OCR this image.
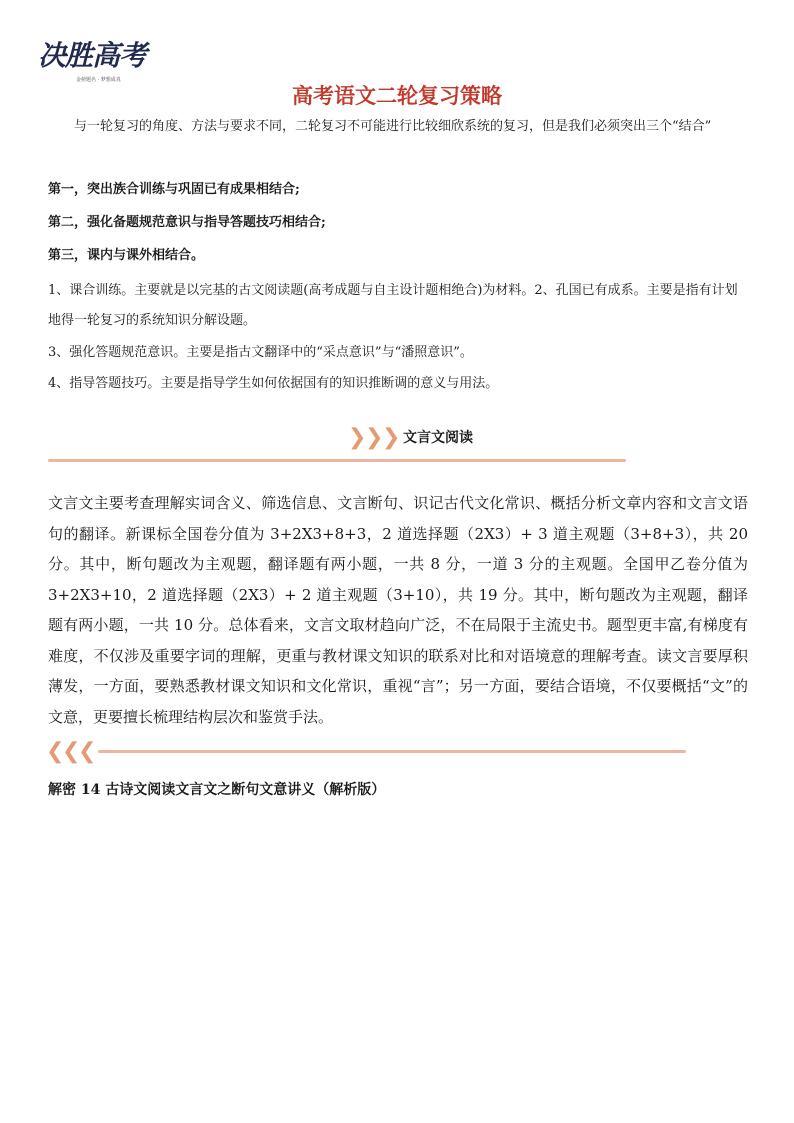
决胜高考
金榜题名 · 梦想成真
高考语文二轮复习策略
与一轮复习的角度、方法与要求不同，二轮复习不可能进行比较细欣系统的复习，但是我们必须突出三个“结合”
第一，突出族合训练与巩固已有成果相结合;
第二，强化备题规范意识与指导答题技巧相结合;
第三，课内与课外相结合。
1、课合训练。主要就是以完基的古文阅读题(高考成题与自主设计题相绝合)为材料。2、孔国已有成系。主要是指有计划地得一轮复习的系统知识分解设题。
3、强化答题规范意识。主要是指古文翻译中的“采点意识”与“潘照意识”。
4、指导答题技巧。主要是指导学生如何依据国有的知识推断调的意义与用法。
❯
❯
❯ 文言文阅读
文言文主要考查理解实词含义、筛选信息、文言断句、识记古代文化常识、概括分析文章内容和文言文语句的翻译。新课标全国卷分值为 3+2X3+8+3，2 道选择题（2X3）+ 3 道主观题（3+8+3），共 20 分。其中，断句题改为主观题，翻译题有两小题，一共 8 分，一道 3 分的主观题。全国甲乙卷分值为 3+2X3+10，2 道选择题（2X3）+ 2 道主观题（3+10），共 19 分。其中，断句题改为主观题，翻译题有两小题，一共 10 分。总体看来，文言文取材趋向广泛，不在局限于主流史书。题型更丰富,有梯度有难度，不仅涉及重要字词的理解，更重与教材课文知识的联系对比和对语境意的理解考查。读文言要厚积薄发，一方面，要熟悉教材课文知识和文化常识，重视“言”；另一方面，要结合语境，不仅要概括“文”的文意，更要擅长梳理结构层次和鉴赏手法。
❮
❮
❮
解密 14 古诗文阅读文言文之断句文意讲义（解析版）
